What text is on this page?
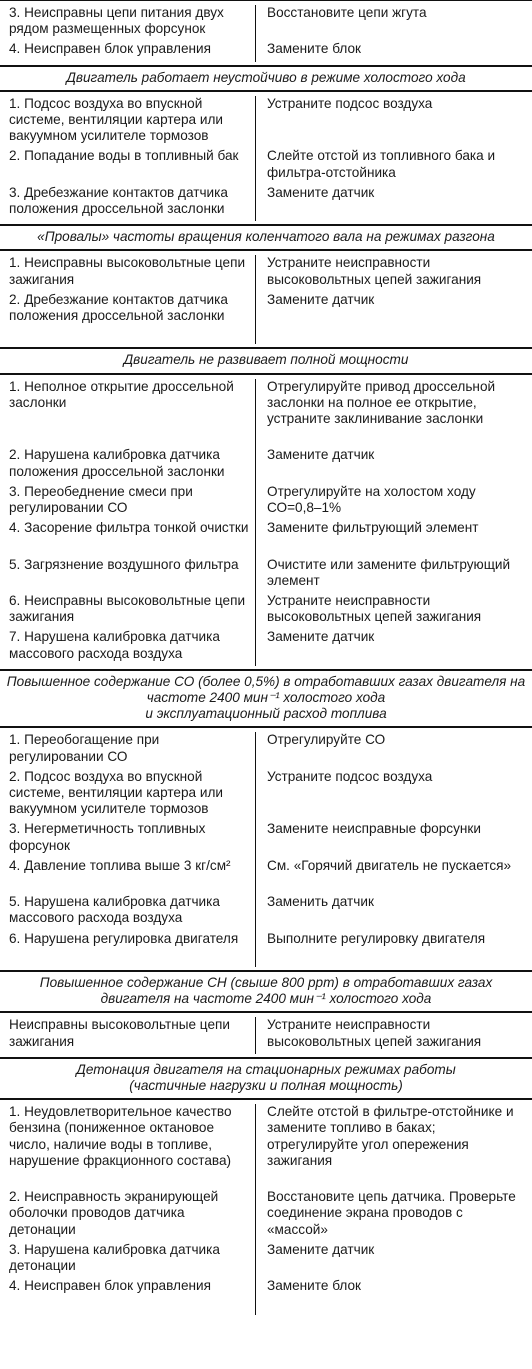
3. Неисправны цепи питания двух рядом размещенных форсунок
4. Неисправен блок управления
Восстановите цепи жгута
Замените блок
Двигатель работает неустойчиво в режиме холостого хода
1. Подсос воздуха во впускной системе, вентиляции картера или вакуумном усилителе тормозов
2. Попадание воды в топливный бак
3. Дребезжание контактов датчика положения дроссельной заслонки
Устраните подсос воздуха
Слейте отстой из топливного бака и фильтра-отстойника
Замените датчик
«Провалы» частоты вращения коленчатого вала на режимах разгона
1. Неисправны высоковольтные цепи зажигания
2. Дребезжание контактов датчика положения дроссельной заслонки
Устраните неисправности высоковольтных цепей зажигания
Замените датчик
Двигатель не развивает полной мощности
1. Неполное открытие дроссельной заслонки
2. Нарушена калибровка датчика положения дроссельной заслонки
3. Переобеднение смеси при регулировании СО
4. Засорение фильтра тонкой очистки
5. Загрязнение воздушного фильтра
6. Неисправны высоковольтные цепи зажигания
7. Нарушена калибровка датчика массового расхода воздуха
Отрегулируйте привод дроссельной заслонки на полное ее открытие, устраните заклинивание заслонки
Замените датчик
Отрегулируйте на холостом ходу СО=0,8–1%
Замените фильтрующий элемент
Очистите или замените фильтрующий элемент
Устраните неисправности высоковольтных цепей зажигания
Замените датчик
Повышенное содержание СО (более 0,5%) в отработавших газах двигателя на частоте 2400 мин⁻¹ холостого хода
и эксплуатационный расход топлива
1. Переобогащение при регулировании СО
2. Подсос воздуха во впускной системе, вентиляции картера или вакуумном усилителе тормозов
3. Негерметичность топливных форсунок
4. Давление топлива выше 3 кг/см²
5. Нарушена калибровка датчика массового расхода воздуха
6. Нарушена регулировка двигателя
Отрегулируйте СО
Устраните подсос воздуха
Замените неисправные форсунки
См. «Горячий двигатель не пускается»
Заменить датчик
Выполните регулировку двигателя
Повышенное содержание СН (свыше 800 ppm) в отработавших газах двигателя на частоте 2400 мин⁻¹ холостого хода
Неисправны высоковольтные цепи зажигания
Устраните неисправности высоковольтных цепей зажигания
Детонация двигателя на стационарных режимах работы
(частичные нагрузки и полная мощность)
1. Неудовлетворительное качество бензина (пониженное октановое число, наличие воды в топливе, нарушение фракционного состава)
2. Неисправность экранирующей оболочки проводов датчика детонации
3. Нарушена калибровка датчика детонации
4. Неисправен блок управления
Слейте отстой в фильтре-отстойнике и замените топливо в баках; отрегулируйте угол опережения зажигания
Восстановите цепь датчика. Проверьте соединение экрана проводов с «массой»
Замените датчик
Замените блок
